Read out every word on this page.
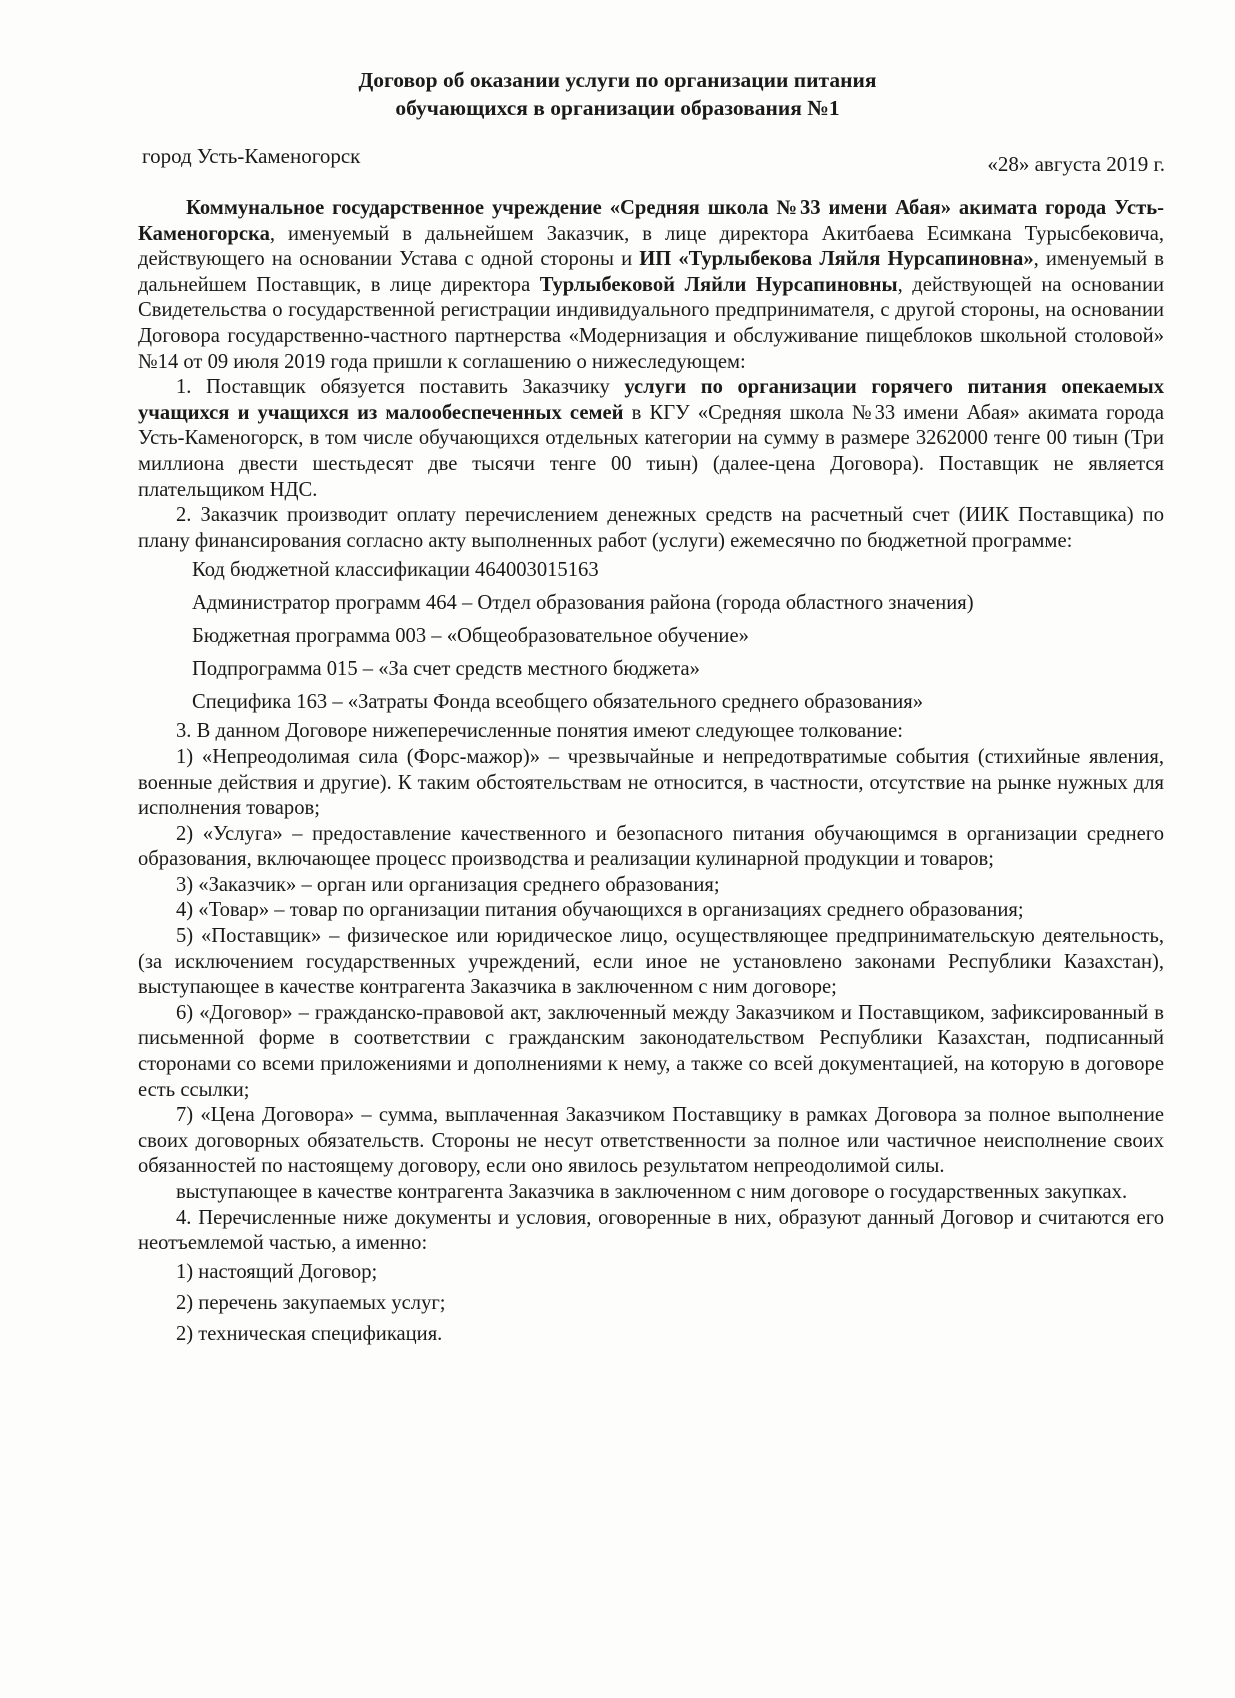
Договор об оказании услуги по организации питания
обучающихся в организации образования №1
город Усть-Каменогорск	«28» августа 2019 г.

Коммунальное государственное учреждение «Средняя школа №33 имени Абая» акимата города Усть-Каменогорска, именуемый в дальнейшем Заказчик, в лице директора Акитбаева Есимкана Турысбековича, действующего на основании Устава с одной стороны и ИП «Турлыбекова Ляйля Нурсапиновна», именуемый в дальнейшем Поставщик, в лице директора Турлыбековой Ляйли Нурсапиновны, действующей на основании Свидетельства о государственной регистрации индивидуального предпринимателя, с другой стороны, на основании Договора государственно-частного партнерства «Модернизация и обслуживание пищеблоков школьной столовой» №14 от 09 июля 2019 года пришли к соглашению о нижеследующем:

1. Поставщик обязуется поставить Заказчику услуги по организации горячего питания опекаемых учащихся и учащихся из малообеспеченных семей в КГУ «Средняя школа №33 имени Абая» акимата города Усть-Каменогорск, в том числе обучающихся отдельных категории на сумму в размере 3262000 тенге 00 тиын (Три миллиона двести шестьдесят две тысячи тенге 00 тиын) (далее-цена Договора). Поставщик не является плательщиком НДС.

2. Заказчик производит оплату перечислением денежных средств на расчетный счет (ИИК Поставщика) по плану финансирования согласно акту выполненных работ (услуги) ежемесячно по бюджетной программе:

Код бюджетной классификации 464003015163

Администратор программ 464 – Отдел образования района (города областного значения)

Бюджетная программа 003 – «Общеобразовательное обучение»

Подпрограмма 015 – «За счет средств местного бюджета»

Специфика 163 – «Затраты Фонда всеобщего обязательного среднего образования»

3. В данном Договоре нижеперечисленные понятия имеют следующее толкование:

1) «Непреодолимая сила (Форс-мажор)» – чрезвычайные и непредотвратимые события (стихийные явления, военные действия и другие). К таким обстоятельствам не относится, в частности, отсутствие на рынке нужных для исполнения товаров;

2) «Услуга» – предоставление качественного и безопасного питания обучающимся в организации среднего образования, включающее процесс производства и реализации кулинарной продукции и товаров;

3) «Заказчик» – орган или организация среднего образования;

4) «Товар» – товар по организации питания обучающихся в организациях среднего образования;

5) «Поставщик» – физическое или юридическое лицо, осуществляющее предпринимательскую деятельность, (за исключением государственных учреждений, если иное не установлено законами Республики Казахстан), выступающее в качестве контрагента Заказчика в заключенном с ним договоре;

6) «Договор» – гражданско-правовой акт, заключенный между Заказчиком и Поставщиком, зафиксированный в письменной форме в соответствии с гражданским законодательством Республики Казахстан, подписанный сторонами со всеми приложениями и дополнениями к нему, а также со всей документацией, на которую в договоре есть ссылки;

7) «Цена Договора» – сумма, выплаченная Заказчиком Поставщику в рамках Договора за полное выполнение своих договорных обязательств. Стороны не несут ответственности за полное или частичное неисполнение своих обязанностей по настоящему договору, если оно явилось результатом непреодолимой силы.

выступающее в качестве контрагента Заказчика в заключенном с ним договоре о государственных закупках.

4. Перечисленные ниже документы и условия, оговоренные в них, образуют данный Договор и считаются его неотъемлемой частью, а именно:

1) настоящий Договор;

2) перечень закупаемых услуг;

2) техническая спецификация.
